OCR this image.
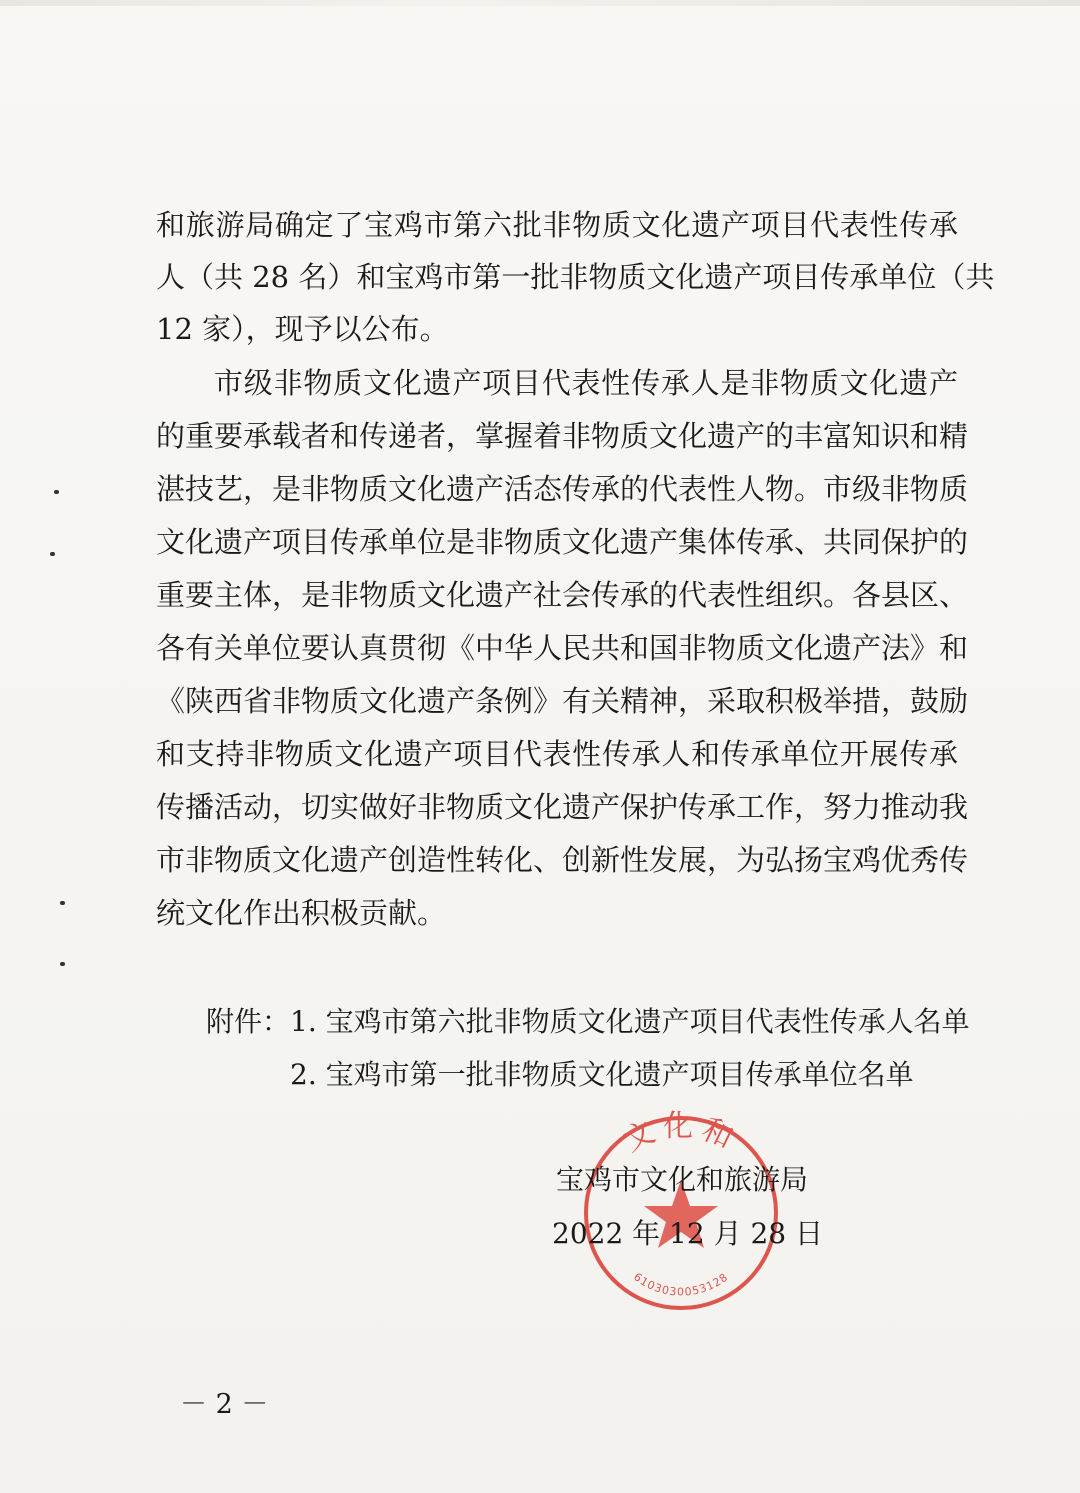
和旅游局确定了宝鸡市第六批非物质文化遗产项目代表性传承

人（共 28 名）和宝鸡市第一批非物质文化遗产项目传承单位（共

12 家），现予以公布。

市级非物质文化遗产项目代表性传承人是非物质文化遗产

的重要承载者和传递者，掌握着非物质文化遗产的丰富知识和精

湛技艺，是非物质文化遗产活态传承的代表性人物。市级非物质

文化遗产项目传承单位是非物质文化遗产集体传承、共同保护的

重要主体，是非物质文化遗产社会传承的代表性组织。各县区、

各有关单位要认真贯彻《中华人民共和国非物质文化遗产法》和

《陕西省非物质文化遗产条例》有关精神，采取积极举措，鼓励

和支持非物质文化遗产项目代表性传承人和传承单位开展传承

传播活动，切实做好非物质文化遗产保护传承工作，努力推动我

市非物质文化遗产创造性转化、创新性发展，为弘扬宝鸡优秀传

统文化作出积极贡献。

附件： 1. 宝鸡市第六批非物质文化遗产项目代表性传承人名单
2. 宝鸡市第一批非物质文化遗产项目传承单位名单
文化和
6103030053128
宝鸡市文化和旅游局
2022 年 12 月 28 日
－ 2 －
